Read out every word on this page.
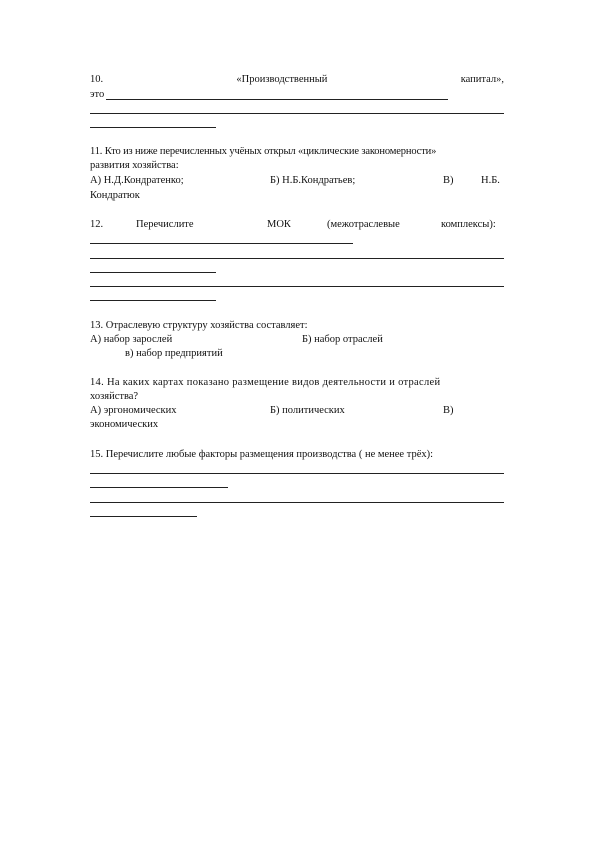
10.	«Производственный	капитал»,
это
11. Кто из ниже перечисленных учёных открыл «циклические закономерности»
развития хозяйства:
А) Н.Д.Кондратенко;	Б) Н.Б.Кондратьев;	В)	Н.Б.
Кондратюк
12.	Перечислите	МОК	(межотраслевые	комплексы):
13. Отраслевую структуру хозяйства составляет:
А) набор зарослей	Б) набор отраслей
в) набор предприятий
14. На каких картах показано размещение видов деятельности и отраслей
хозяйства?
А) эргономических	Б) политических	В)
экономических
15. Перечислите любые факторы размещения производства ( не менее трёх):
